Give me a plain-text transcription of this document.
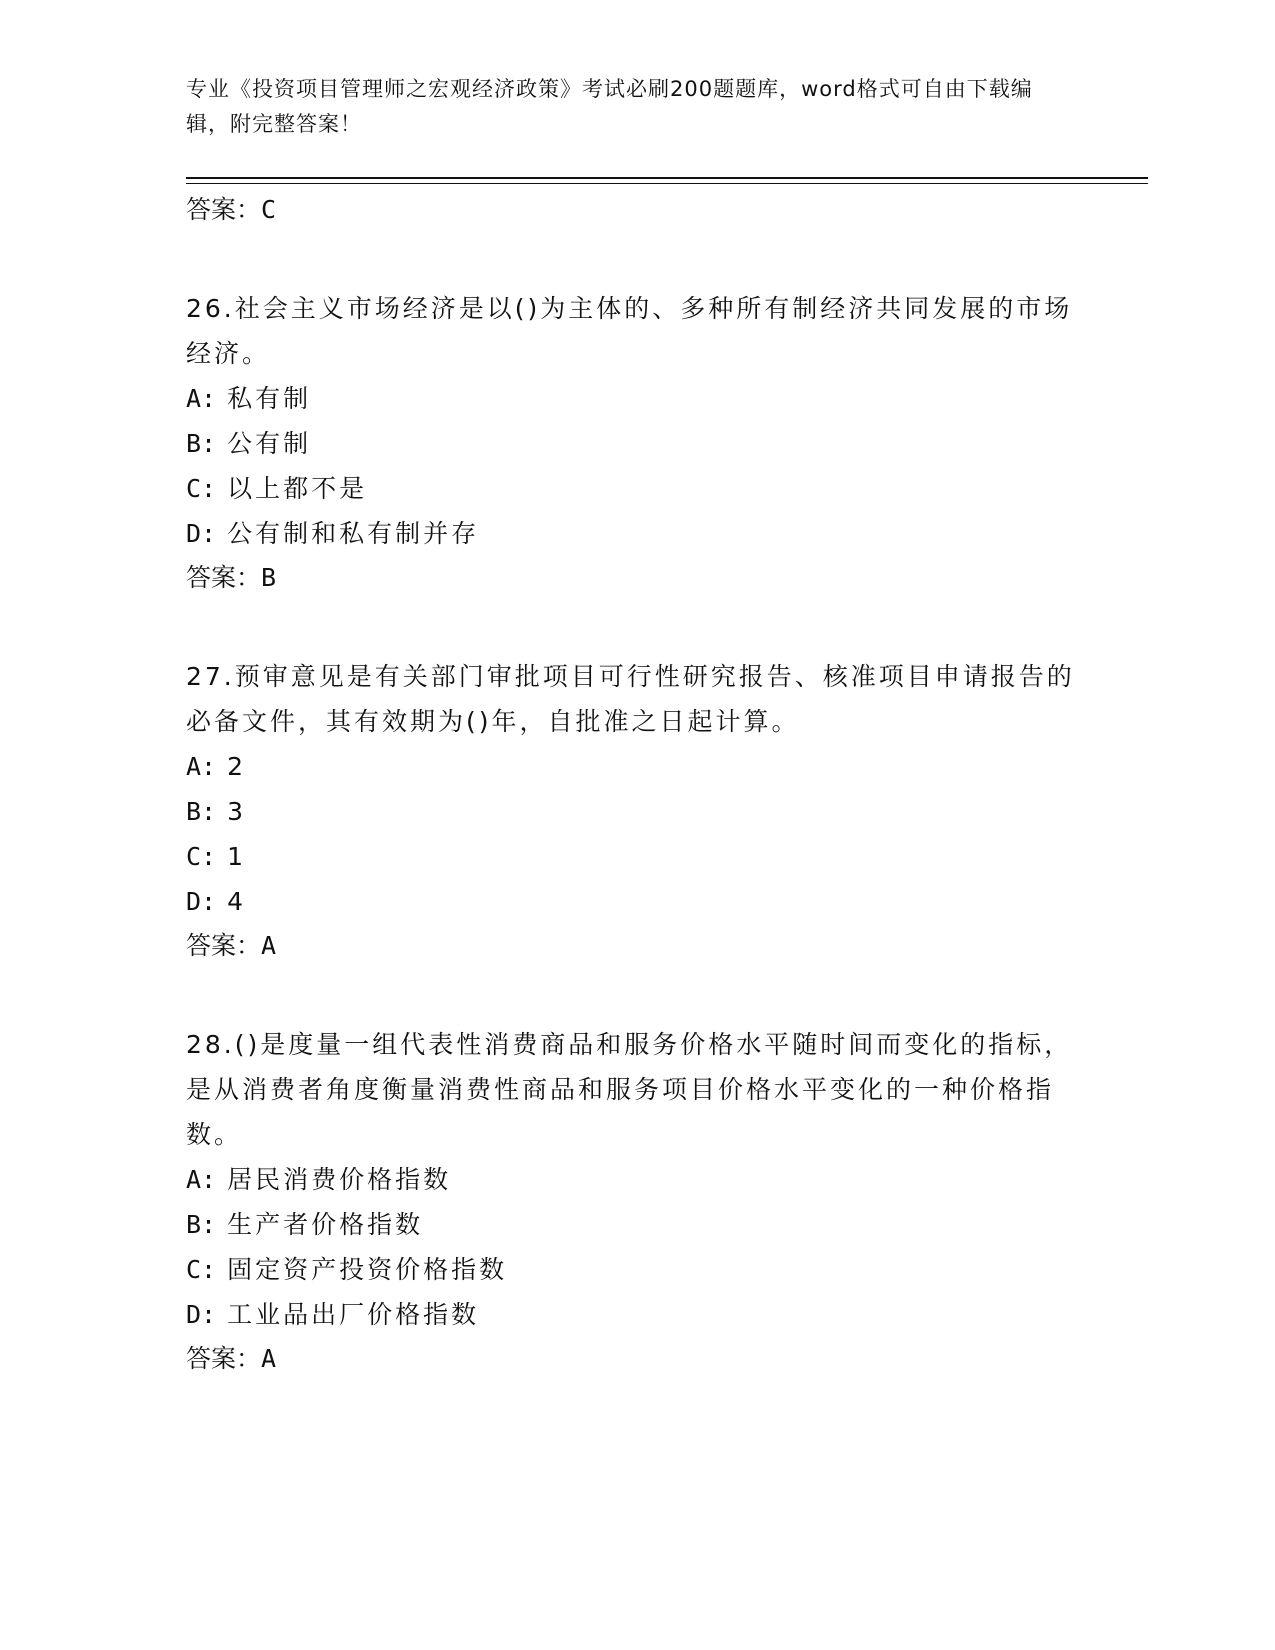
专业《投资项目管理师之宏观经济政策》考试必刷200题题库，word格式可自由下载编辑，附完整答案！
答案：C

26.社会主义市场经济是以()为主体的、多种所有制经济共同发展的市场经济。

A: 私有制
B: 公有制
C: 以上都不是
D: 公有制和私有制并存
答案：B

27.预审意见是有关部门审批项目可行性研究报告、核准项目申请报告的必备文件，其有效期为()年，自批准之日起计算。

A: 2
B: 3
C: 1
D: 4
答案：A

28.()是度量一组代表性消费商品和服务价格水平随时间而变化的指标，是从消费者角度衡量消费性商品和服务项目价格水平变化的一种价格指数。

A: 居民消费价格指数
B: 生产者价格指数
C: 固定资产投资价格指数
D: 工业品出厂价格指数
答案：A
